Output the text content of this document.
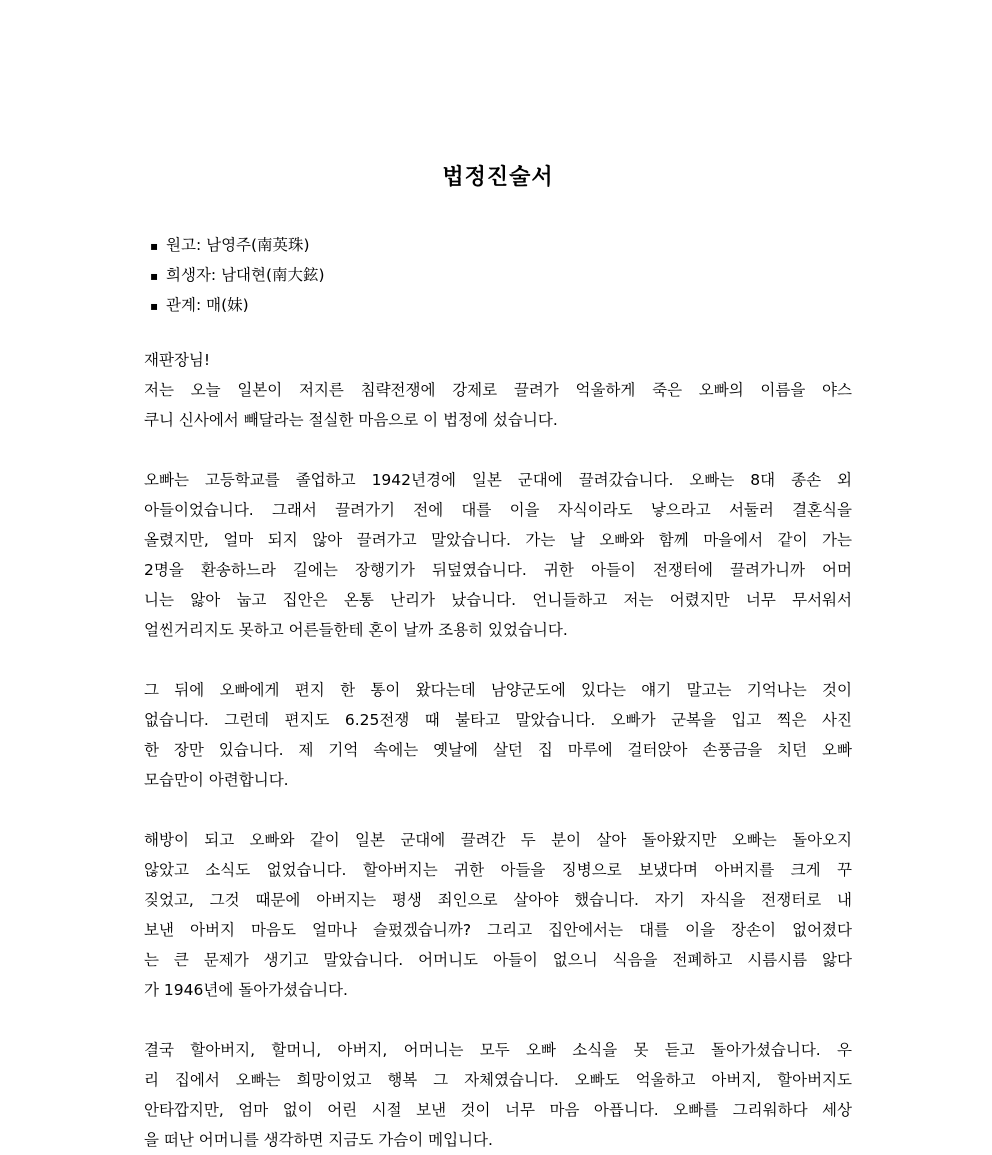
법정진술서
▪ 원고: 남영주(南英珠)
▪ 희생자: 남대현(南大鉉)
▪ 관계: 매(妹)
재판장님!
저는 오늘 일본이 저지른 침략전쟁에 강제로 끌려가 억울하게 죽은 오빠의 이름을 야스
쿠니 신사에서 빼달라는 절실한 마음으로 이 법정에 섰습니다.
오빠는 고등학교를 졸업하고 1942년경에 일본 군대에 끌려갔습니다. 오빠는 8대 종손 외
아들이었습니다. 그래서 끌려가기 전에 대를 이을 자식이라도 낳으라고 서둘러 결혼식을
올렸지만, 얼마 되지 않아 끌려가고 말았습니다. 가는 날 오빠와 함께 마을에서 같이 가는
2명을 환송하느라 길에는 장행기가 뒤덮였습니다. 귀한 아들이 전쟁터에 끌려가니까 어머
니는 앓아 눕고 집안은 온통 난리가 났습니다. 언니들하고 저는 어렸지만 너무 무서워서
얼씬거리지도 못하고 어른들한테 혼이 날까 조용히 있었습니다.
그 뒤에 오빠에게 편지 한 통이 왔다는데 남양군도에 있다는 얘기 말고는 기억나는 것이
없습니다. 그런데 편지도 6.25전쟁 때 불타고 말았습니다. 오빠가 군복을 입고 찍은 사진
한 장만 있습니다. 제 기억 속에는 옛날에 살던 집 마루에 걸터앉아 손풍금을 치던 오빠
모습만이 아련합니다.
해방이 되고 오빠와 같이 일본 군대에 끌려간 두 분이 살아 돌아왔지만 오빠는 돌아오지
않았고 소식도 없었습니다. 할아버지는 귀한 아들을 징병으로 보냈다며 아버지를 크게 꾸
짖었고, 그것 때문에 아버지는 평생 죄인으로 살아야 했습니다. 자기 자식을 전쟁터로 내
보낸 아버지 마음도 얼마나 슬펐겠습니까? 그리고 집안에서는 대를 이을 장손이 없어졌다
는 큰 문제가 생기고 말았습니다. 어머니도 아들이 없으니 식음을 전폐하고 시름시름 앓다
가 1946년에 돌아가셨습니다.
결국 할아버지, 할머니, 아버지, 어머니는 모두 오빠 소식을 못 듣고 돌아가셨습니다. 우
리 집에서 오빠는 희망이었고 행복 그 자체였습니다. 오빠도 억울하고 아버지, 할아버지도
안타깝지만, 엄마 없이 어린 시절 보낸 것이 너무 마음 아픕니다. 오빠를 그리워하다 세상
을 떠난 어머니를 생각하면 지금도 가슴이 메입니다.
